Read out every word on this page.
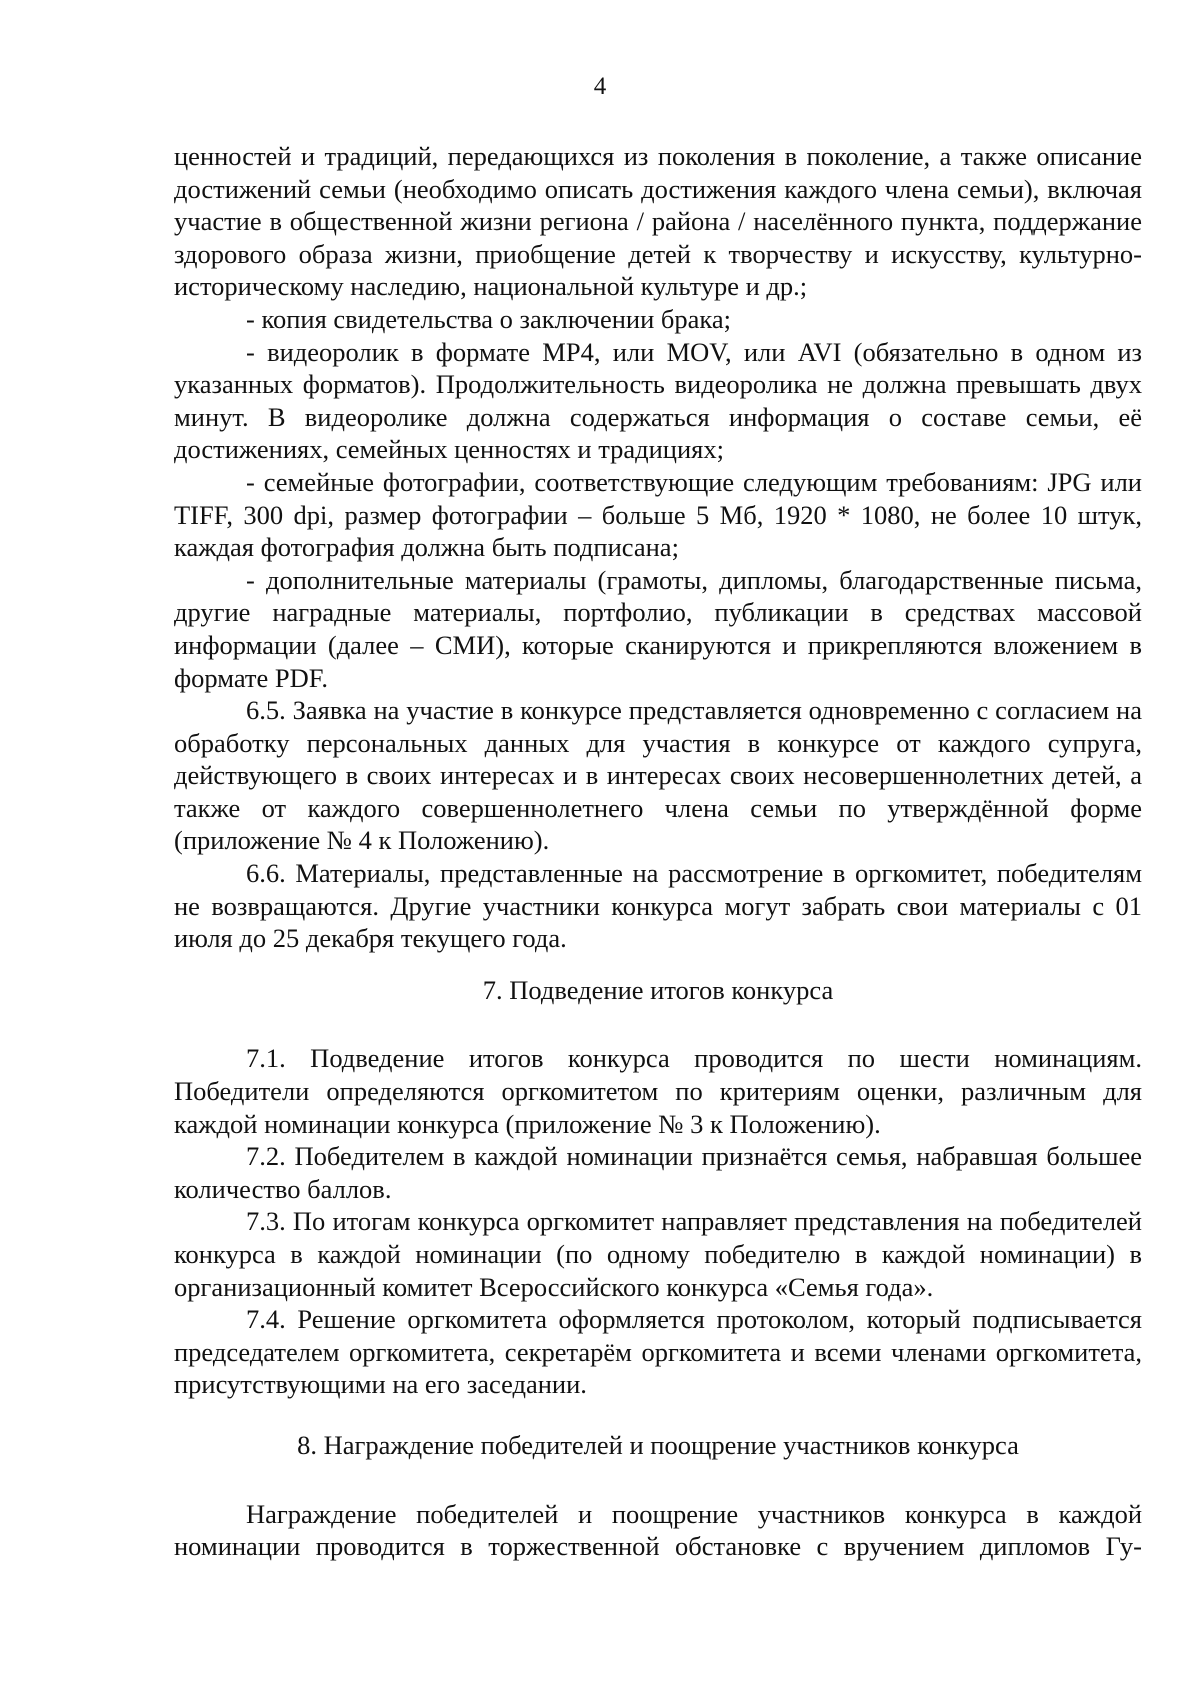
4

ценностей и традиций, передающихся из поколения в поколение, а также описание достижений семьи (необходимо описать достижения каждого члена семьи), включая участие в общественной жизни региона / района / населённого пункта, поддержание здорового образа жизни, приобщение детей к творчеству и искусству, культурно-историческому наследию, национальной культуре и др.;

- копия свидетельства о заключении брака;

- видеоролик в формате MP4, или MOV, или AVI (обязательно в одном из указанных форматов). Продолжительность видеоролика не должна превышать двух минут. В видеоролике должна содержаться информация о составе семьи, её достижениях, семейных ценностях и традициях;

- семейные фотографии, соответствующие следующим требованиям: JPG или TIFF, 300 dpi, размер фотографии – больше 5 Мб, 1920 * 1080, не более 10 штук, каждая фотография должна быть подписана;

- дополнительные материалы (грамоты, дипломы, благодарственные письма, другие наградные материалы, портфолио, публикации в средствах массовой информации (далее – СМИ), которые сканируются и прикрепляются вложением в формате PDF.

6.5. Заявка на участие в конкурсе представляется одновременно с согласием на обработку персональных данных для участия в конкурсе от каждого супруга, действующего в своих интересах и в интересах своих несовершеннолетних детей, а также от каждого совершеннолетнего члена семьи по утверждённой форме (приложение № 4 к Положению).

6.6. Материалы, представленные на рассмотрение в оргкомитет, победителям не возвращаются. Другие участники конкурса могут забрать свои материалы с 01 июля до 25 декабря текущего года.

7. Подведение итогов конкурса

7.1. Подведение итогов конкурса проводится по шести номинациям. Победители определяются оргкомитетом по критериям оценки, различным для каждой номинации конкурса (приложение № 3 к Положению).

7.2. Победителем в каждой номинации признаётся семья, набравшая большее количество баллов.

7.3. По итогам конкурса оргкомитет направляет представления на победителей конкурса в каждой номинации (по одному победителю в каждой номинации) в организационный комитет Всероссийского конкурса «Семья года».

7.4. Решение оргкомитета оформляется протоколом, который подписывается председателем оргкомитета, секретарём оргкомитета и всеми членами оргкомитета, присутствующими на его заседании.

8. Награждение победителей и поощрение участников конкурса

Награждение победителей и поощрение участников конкурса в каждой номинации проводится в торжественной обстановке с вручением дипломов Гу-
